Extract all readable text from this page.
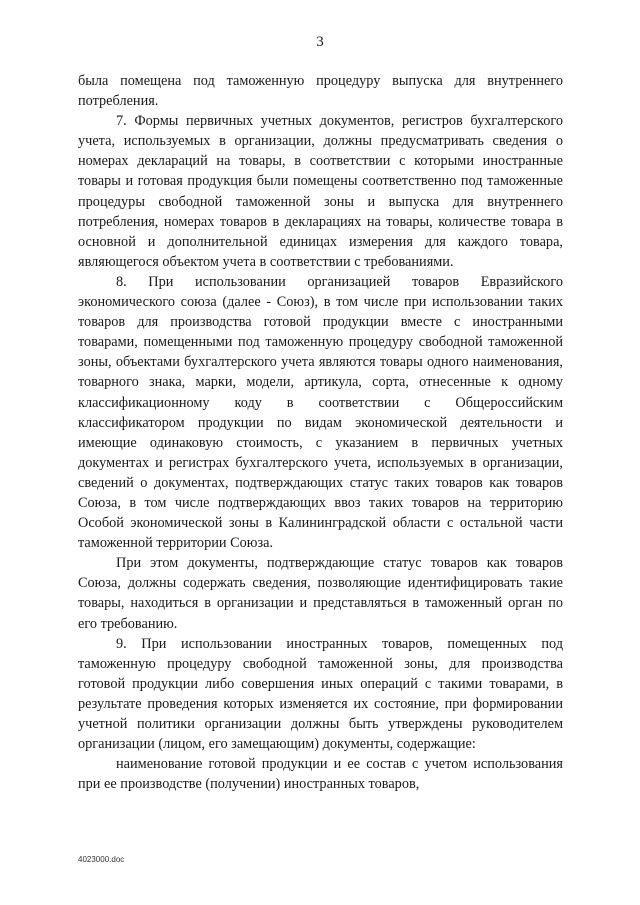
3

была помещена под таможенную процедуру выпуска для внутреннего потребления.

7. Формы первичных учетных документов, регистров бухгалтерского учета, используемых в организации, должны предусматривать сведения о номерах деклараций на товары, в соответствии с которыми иностранные товары и готовая продукция были помещены соответственно под таможенные процедуры свободной таможенной зоны и выпуска для внутреннего потребления, номерах товаров в декларациях на товары, количестве товара в основной и дополнительной единицах измерения для каждого товара, являющегося объектом учета в соответствии с требованиями.

8. При использовании организацией товаров Евразийского экономического союза (далее - Союз), в том числе при использовании таких товаров для производства готовой продукции вместе с иностранными товарами, помещенными под таможенную процедуру свободной таможенной зоны, объектами бухгалтерского учета являются товары одного наименования, товарного знака, марки, модели, артикула, сорта, отнесенные к одному классификационному коду в соответствии с Общероссийским классификатором продукции по видам экономической деятельности и имеющие одинаковую стоимость, с указанием в первичных учетных документах и регистрах бухгалтерского учета, используемых в организации, сведений о документах, подтверждающих статус таких товаров как товаров Союза, в том числе подтверждающих ввоз таких товаров на территорию Особой экономической зоны в Калининградской области с остальной части таможенной территории Союза.

При этом документы, подтверждающие статус товаров как товаров Союза, должны содержать сведения, позволяющие идентифицировать такие товары, находиться в организации и представляться в таможенный орган по его требованию.

9. При использовании иностранных товаров, помещенных под таможенную процедуру свободной таможенной зоны, для производства готовой продукции либо совершения иных операций с такими товарами, в результате проведения которых изменяется их состояние, при формировании учетной политики организации должны быть утверждены руководителем организации (лицом, его замещающим) документы, содержащие:

наименование готовой продукции и ее состав с учетом использования при ее производстве (получении) иностранных товаров,

4023000.doc
